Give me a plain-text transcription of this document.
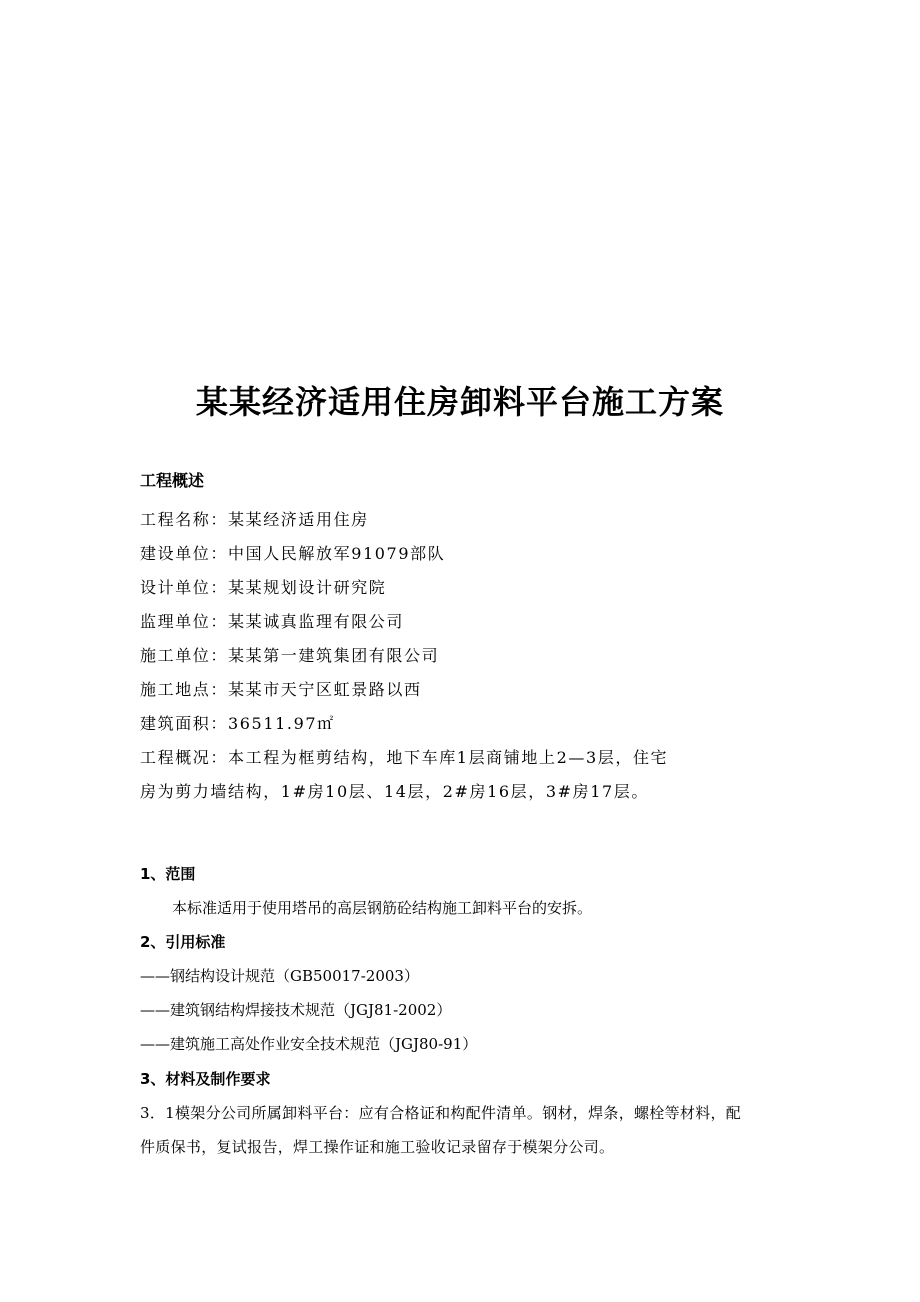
某某经济适用住房卸料平台施工方案
工程概述
工程名称：某某经济适用住房
建设单位：中国人民解放军91079部队
设计单位：某某规划设计研究院
监理单位：某某诚真监理有限公司
施工单位：某某第一建筑集团有限公司
施工地点：某某市天宁区虹景路以西
建筑面积：36511.97㎡
工程概况：本工程为框剪结构，地下车库1层商铺地上2—3层，住宅
房为剪力墙结构，1#房10层、14层，2#房16层，3#房17层。
1、范围
本标准适用于使用塔吊的高层钢筋砼结构施工卸料平台的安拆。
2、引用标准
——钢结构设计规范（GB50017-2003）
——建筑钢结构焊接技术规范（JGJ81-2002）
——建筑施工高处作业安全技术规范（JGJ80-91）
3、材料及制作要求
3．1模架分公司所属卸料平台：应有合格证和构配件清单。钢材，焊条，螺栓等材料，配
件质保书，复试报告，焊工操作证和施工验收记录留存于模架分公司。
